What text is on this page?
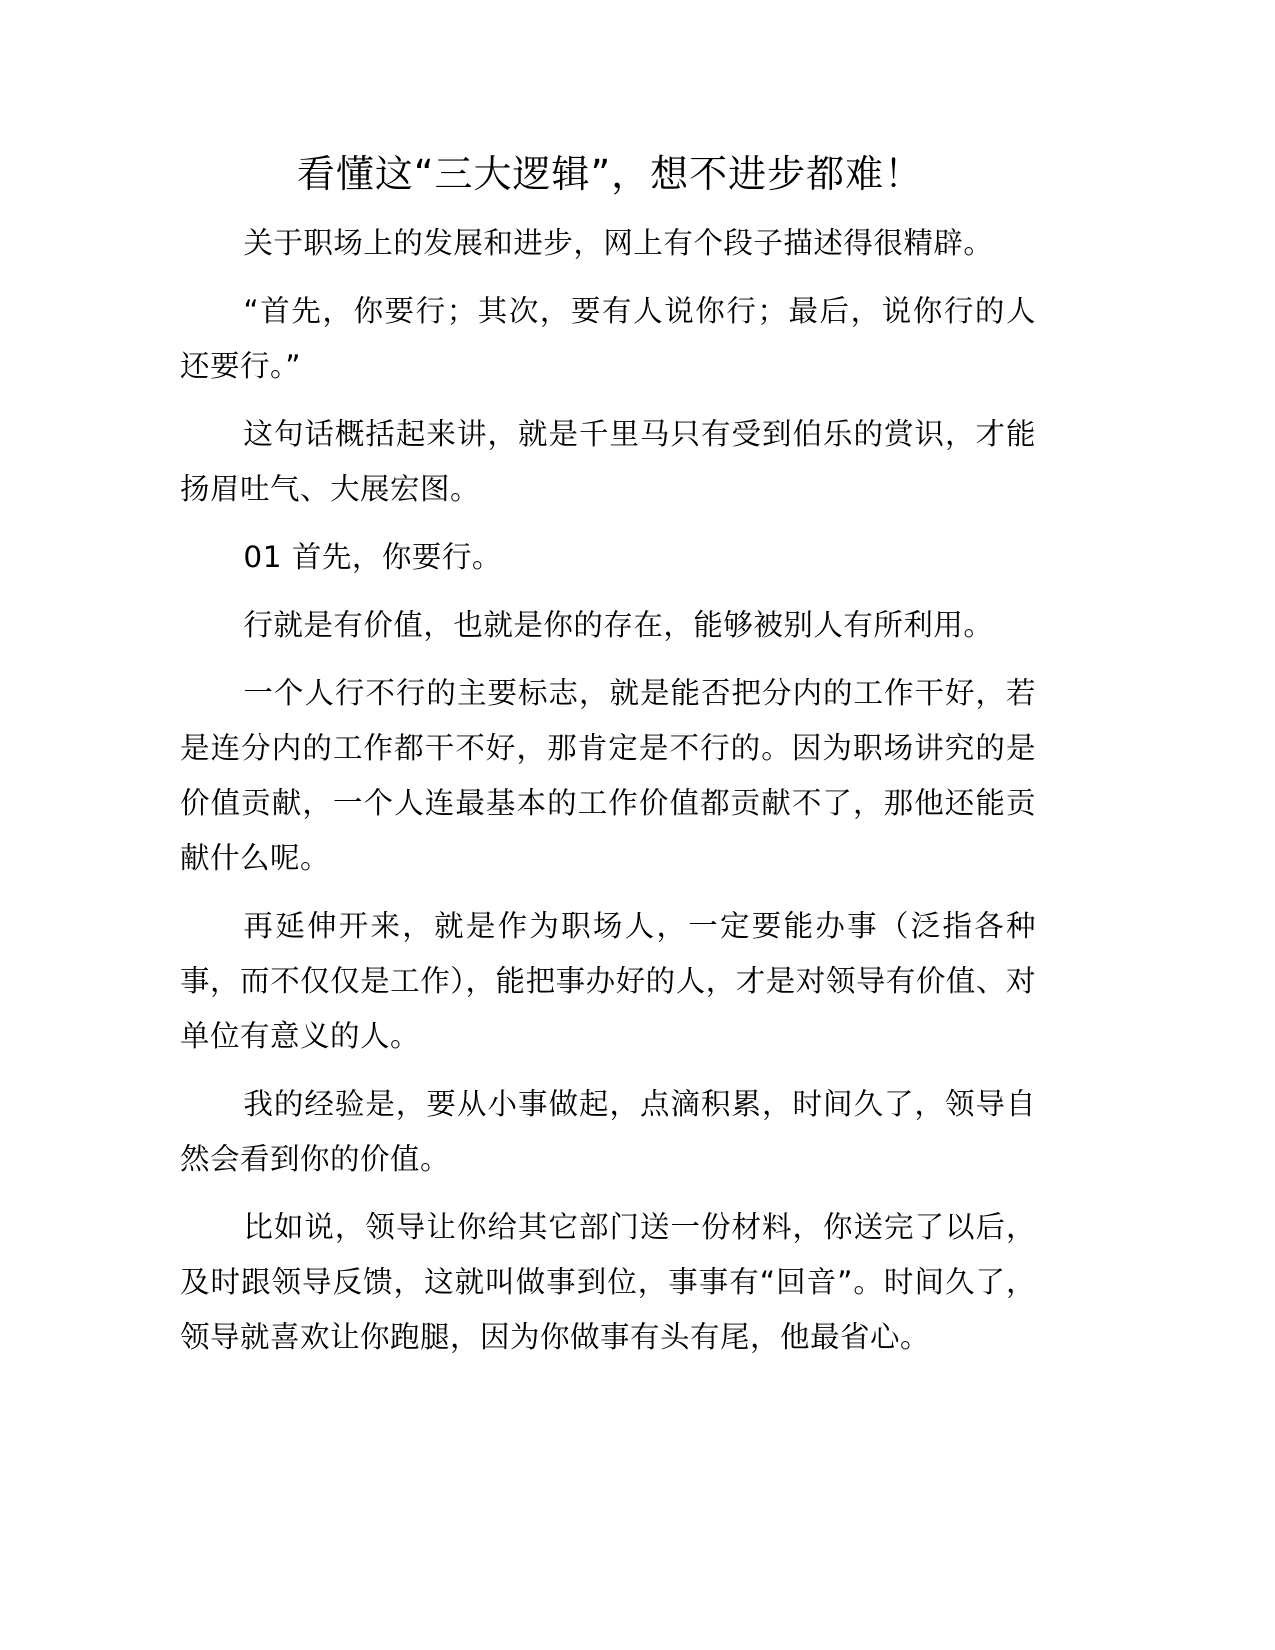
看懂这“三大逻辑”，想不进步都难！

关于职场上的发展和进步，网上有个段子描述得很精辟。

“首先，你要行；其次，要有人说你行；最后，说你行的人还要行。”

这句话概括起来讲，就是千里马只有受到伯乐的赏识，才能扬眉吐气、大展宏图。

01 首先，你要行。

行就是有价值，也就是你的存在，能够被别人有所利用。

一个人行不行的主要标志，就是能否把分内的工作干好，若是连分内的工作都干不好，那肯定是不行的。因为职场讲究的是价值贡献，一个人连最基本的工作价值都贡献不了，那他还能贡献什么呢。

再延伸开来，就是作为职场人，一定要能办事（泛指各种事，而不仅仅是工作），能把事办好的人，才是对领导有价值、对单位有意义的人。

我的经验是，要从小事做起，点滴积累，时间久了，领导自然会看到你的价值。

比如说，领导让你给其它部门送一份材料，你送完了以后，及时跟领导反馈，这就叫做事到位，事事有“回音”。时间久了，领导就喜欢让你跑腿，因为你做事有头有尾，他最省心。
